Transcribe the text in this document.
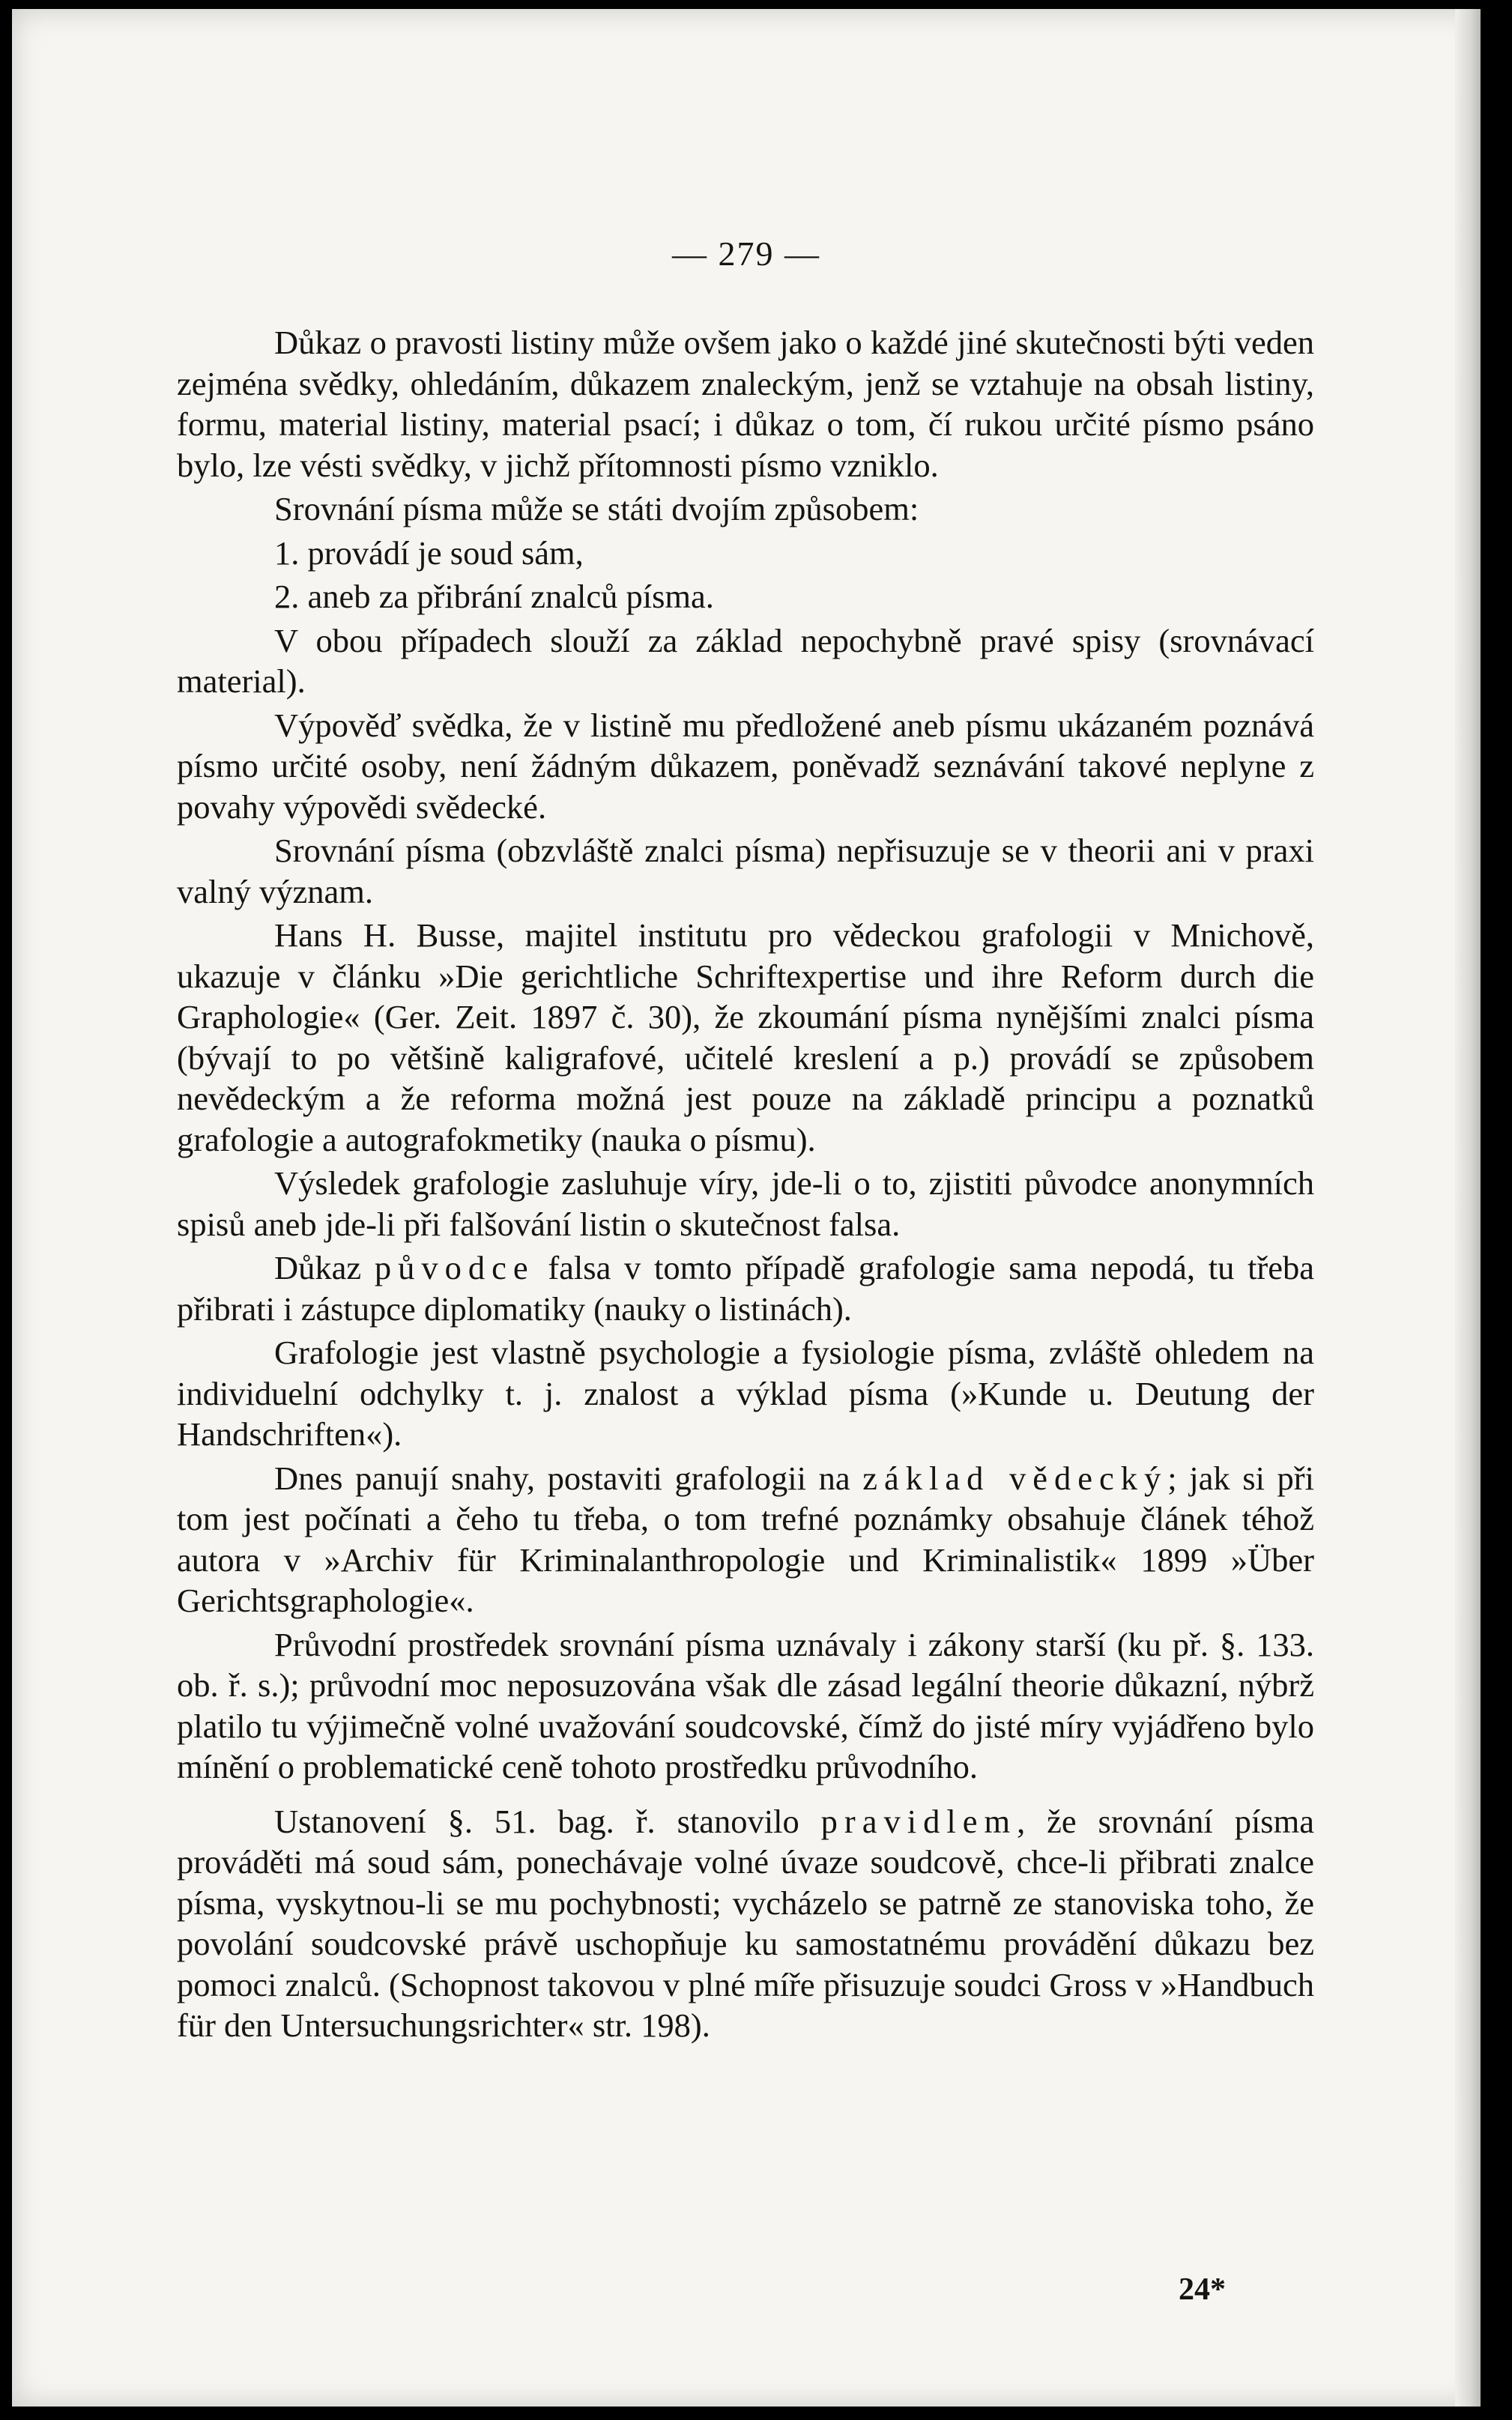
— 279 —

Důkaz o pravosti listiny může ovšem jako o každé jiné skutečnosti býti veden zejména svědky, ohledáním, důkazem znaleckým, jenž se vztahuje na obsah listiny, formu, material listiny, material psací; i důkaz o tom, čí rukou určité písmo psáno bylo, lze vésti svědky, v jichž přítomnosti písmo vzniklo.

Srovnání písma může se státi dvojím způsobem:

1. provádí je soud sám,

2. aneb za přibrání znalců písma.

V obou případech slouží za základ nepochybně pravé spisy (srovnávací material).

Výpověď svědka, že v listině mu předložené aneb písmu ukázaném poznává písmo určité osoby, není žádným důkazem, poněvadž seznávání takové neplyne z povahy výpovědi svědecké.

Srovnání písma (obzvláště znalci písma) nepřisuzuje se v theorii ani v praxi valný význam.

Hans H. Busse, majitel institutu pro vědeckou grafologii v Mnichově, ukazuje v článku »Die gerichtliche Schriftexpertise und ihre Reform durch die Graphologie« (Ger. Zeit. 1897 č. 30), že zkoumání písma nynějšími znalci písma (bývají to po většině kaligrafové, učitelé kreslení a p.) provádí se způsobem nevědeckým a že reforma možná jest pouze na základě principu a poznatků grafologie a autografokmetiky (nauka o písmu).

Výsledek grafologie zasluhuje víry, jde-li o to, zjistiti původce anonymních spisů aneb jde-li při falšování listin o skutečnost falsa.

Důkaz původce falsa v tomto případě grafologie sama nepodá, tu třeba přibrati i zástupce diplomatiky (nauky o listinách).

Grafologie jest vlastně psychologie a fysiologie písma, zvláště ohledem na individuelní odchylky t. j. znalost a výklad písma (»Kunde u. Deutung der Handschriften«).

Dnes panují snahy, postaviti grafologii na základ vědecký; jak si při tom jest počínati a čeho tu třeba, o tom trefné poznámky obsahuje článek téhož autora v »Archiv für Kriminalanthropologie und Kriminalistik« 1899 »Über Gerichtsgraphologie«.

Průvodní prostředek srovnání písma uznávaly i zákony starší (ku př. §. 133. ob. ř. s.); průvodní moc neposuzována však dle zásad legální theorie důkazní, nýbrž platilo tu výjimečně volné uvažování soudcovské, čímž do jisté míry vyjádřeno bylo mínění o problematické ceně tohoto prostředku průvodního.

Ustanovení §. 51. bag. ř. stanovilo pravidlem, že srovnání písma prováděti má soud sám, ponechávaje volné úvaze soudcově, chce-li přibrati znalce písma, vyskytnou-li se mu pochybnosti; vycházelo se patrně ze stanoviska toho, že povolání soudcovské právě uschopňuje ku samostatnému provádění důkazu bez pomoci znalců. (Schopnost takovou v plné míře přisuzuje soudci Gross v »Handbuch für den Untersuchungsrichter« str. 198).

24*
